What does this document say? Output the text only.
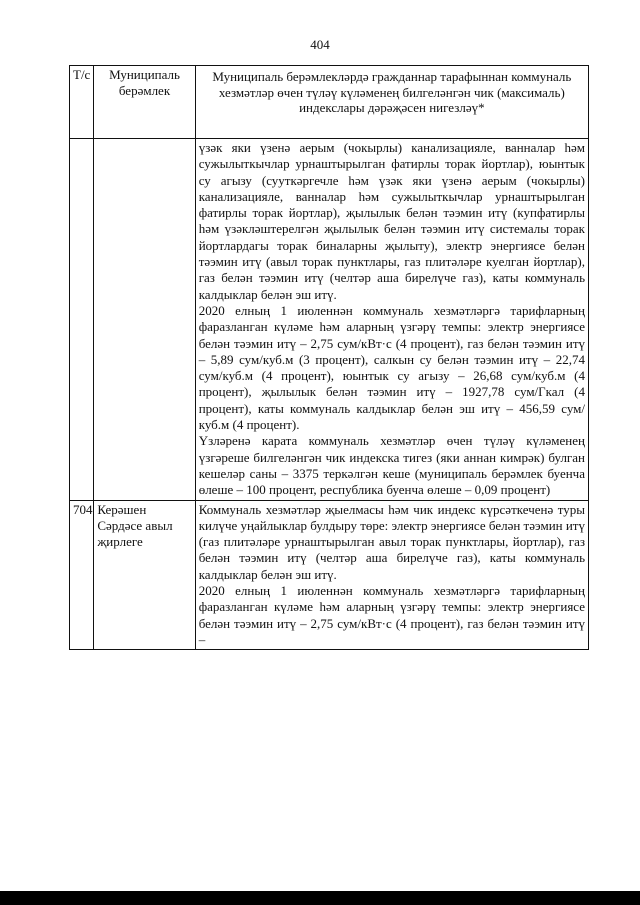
404
Т/с	Муниципаль берәмлек	Муниципаль берәмлекләрдә гражданнар тарафыннан коммуналь хезмәтләр өчен түләү күләменең билгеләнгән чик (максималь) индекслары дәрәҗәсен нигезләү*

		үзәк яки үзенә аерым (чокырлы) канализацияле, ванналар һәм сужылыткычлар урнаштырылган фатирлы торак йортлар), юынтык су агызу (сууткәргечле һәм үзәк яки үзенә аерым (чокырлы) канализацияле, ванналар һәм сужылыткычлар урнаштырылган фатирлы торак йортлар), җылылык белән тәэмин итү (купфатирлы һәм үзәкләштерелгән җылылык белән тәэмин итү системалы торак йортлардагы торак биналарны җылыту), электр энергиясе белән тәэмин итү (авыл торак пунктлары, газ плитәләре куелган йортлар), газ белән тәэмин итү (челтәр аша бирелүче газ), каты коммуналь калдыклар белән эш итү.

2020 елның 1 июленнән коммуналь хезмәтләргә тарифларның фаразланган күләме һәм аларның үзгәрү темпы: электр энергиясе белән тәэмин итү – 2,75 сум/кВт·с (4 процент), газ белән тәэмин итү – 5,89 сум/куб.м (3 процент), салкын су белән тәэмин итү – 22,74 сум/куб.м (4 процент), юынтык су агызу – 26,68 сум/куб.м (4 процент), җылылык белән тәэмин итү – 1927,78 сум/Гкал (4 процент), каты коммуналь калдыклар белән эш итү – 456,59 сум/куб.м (4 процент).

Үзләренә карата коммуналь хезмәтләр өчен түләү күләменең үзгәреше билгеләнгән чик индекска тигез (яки аннан кимрәк) булган кешеләр саны – 3375 теркәлгән кеше (муниципаль берәмлек буенча өлеше – 100 процент, республика буенча өлеше – 0,09 процент)

704	Керәшен Сәрдәсе авыл җирлеге	Коммуналь хезмәтләр җыелмасы һәм чик индекс күрсәткеченә туры килүче уңайлыклар булдыру төре: электр энергиясе белән тәэмин итү (газ плитәләре урнаштырылган авыл торак пунктлары, йортлар), газ белән тәэмин итү (челтәр аша бирелүче газ), каты коммуналь калдыклар белән эш итү.

2020 елның 1 июленнән коммуналь хезмәтләргә тарифларның фаразланган күләме һәм аларның үзгәрү темпы: электр энергиясе белән тәэмин итү – 2,75 сум/кВт·с (4 процент), газ белән тәэмин итү –
